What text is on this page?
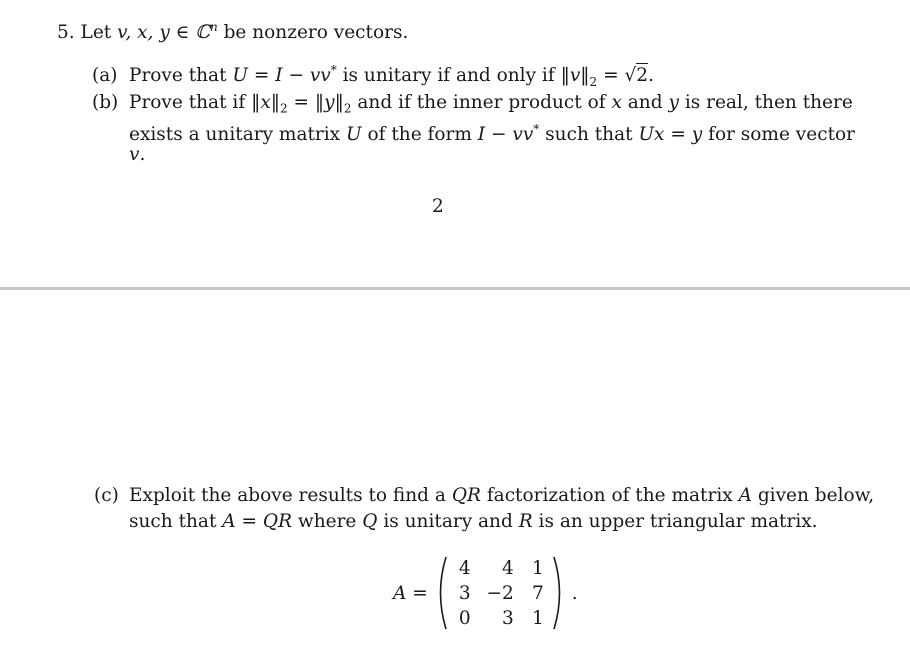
5. Let v, x, y ∈ ℂ$^n$ be nonzero vectors.
(a) Prove that U = I − vv* is unitary if and only if $‖v‖_2 = √2$.
(b) Prove that if $‖x‖_2$ = $‖y‖_2$ and if the inner product of x and y is real, then there
exists a unitary matrix U of the form I − vv* such that Ux = y for some vector
v.
2
(c) Exploit the above results to find a QR factorization of the matrix A given below,
such that A = QR where Q is unitary and R is an upper triangular matrix.
A =
4	4 1
3 −2 7
0	3 1
.
